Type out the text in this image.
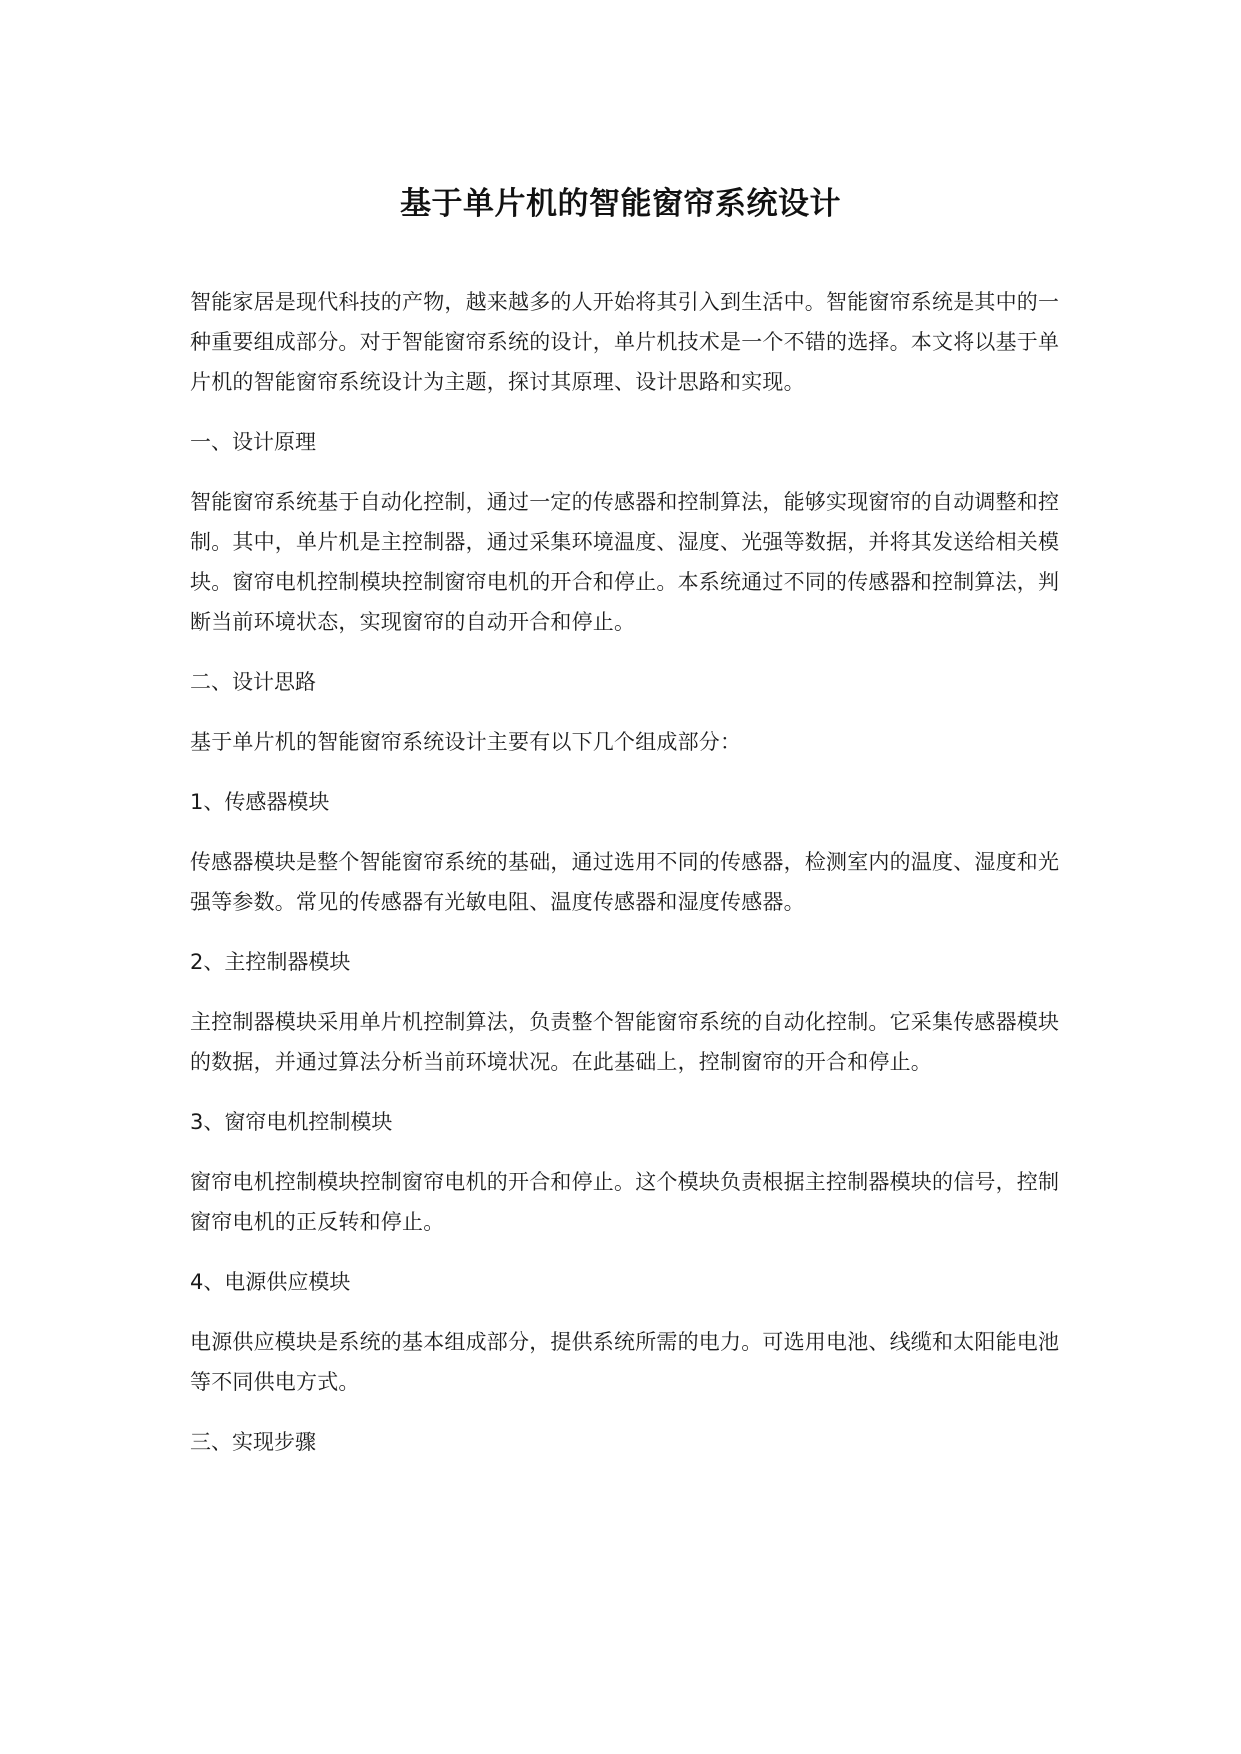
基于单片机的智能窗帘系统设计

智能家居是现代科技的产物，越来越多的人开始将其引入到生活中。智能窗帘系统是其中的一种重要组成部分。对于智能窗帘系统的设计，单片机技术是一个不错的选择。本文将以基于单片机的智能窗帘系统设计为主题，探讨其原理、设计思路和实现。

一、设计原理

智能窗帘系统基于自动化控制，通过一定的传感器和控制算法，能够实现窗帘的自动调整和控制。其中，单片机是主控制器，通过采集环境温度、湿度、光强等数据，并将其发送给相关模块。窗帘电机控制模块控制窗帘电机的开合和停止。本系统通过不同的传感器和控制算法，判断当前环境状态，实现窗帘的自动开合和停止。

二、设计思路

基于单片机的智能窗帘系统设计主要有以下几个组成部分：

1、传感器模块

传感器模块是整个智能窗帘系统的基础，通过选用不同的传感器，检测室内的温度、湿度和光强等参数。常见的传感器有光敏电阻、温度传感器和湿度传感器。

2、主控制器模块

主控制器模块采用单片机控制算法，负责整个智能窗帘系统的自动化控制。它采集传感器模块的数据，并通过算法分析当前环境状况。在此基础上，控制窗帘的开合和停止。

3、窗帘电机控制模块

窗帘电机控制模块控制窗帘电机的开合和停止。这个模块负责根据主控制器模块的信号，控制窗帘电机的正反转和停止。

4、电源供应模块

电源供应模块是系统的基本组成部分，提供系统所需的电力。可选用电池、线缆和太阳能电池等不同供电方式。

三、实现步骤
